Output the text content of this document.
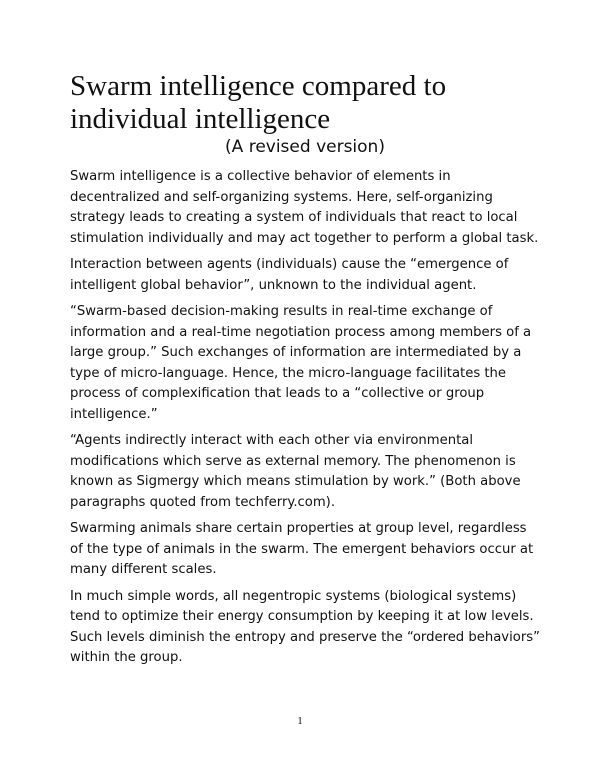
Swarm intelligence compared to individual intelligence
(A revised version)

Swarm intelligence is a collective behavior of elements in decentralized and self-organizing systems. Here, self-organizing strategy leads to creating a system of individuals that react to local stimulation individually and may act together to perform a global task.

Interaction between agents (individuals) cause the “emergence of intelligent global behavior”, unknown to the individual agent.

“Swarm-based decision-making results in real-time exchange of information and a real-time negotiation process among members of a large group.” Such exchanges of information are intermediated by a type of micro-language. Hence, the micro-language facilitates the process of complexification that leads to a “collective or group intelligence.”

“Agents indirectly interact with each other via environmental modifications which serve as external memory. The phenomenon is known as Sigmergy which means stimulation by work.” (Both above paragraphs quoted from techferry.com).

Swarming animals share certain properties at group level, regardless of the type of animals in the swarm. The emergent behaviors occur at many different scales.

In much simple words, all negentropic systems (biological systems) tend to optimize their energy consumption by keeping it at low levels. Such levels diminish the entropy and preserve the “ordered behaviors” within the group.

1
